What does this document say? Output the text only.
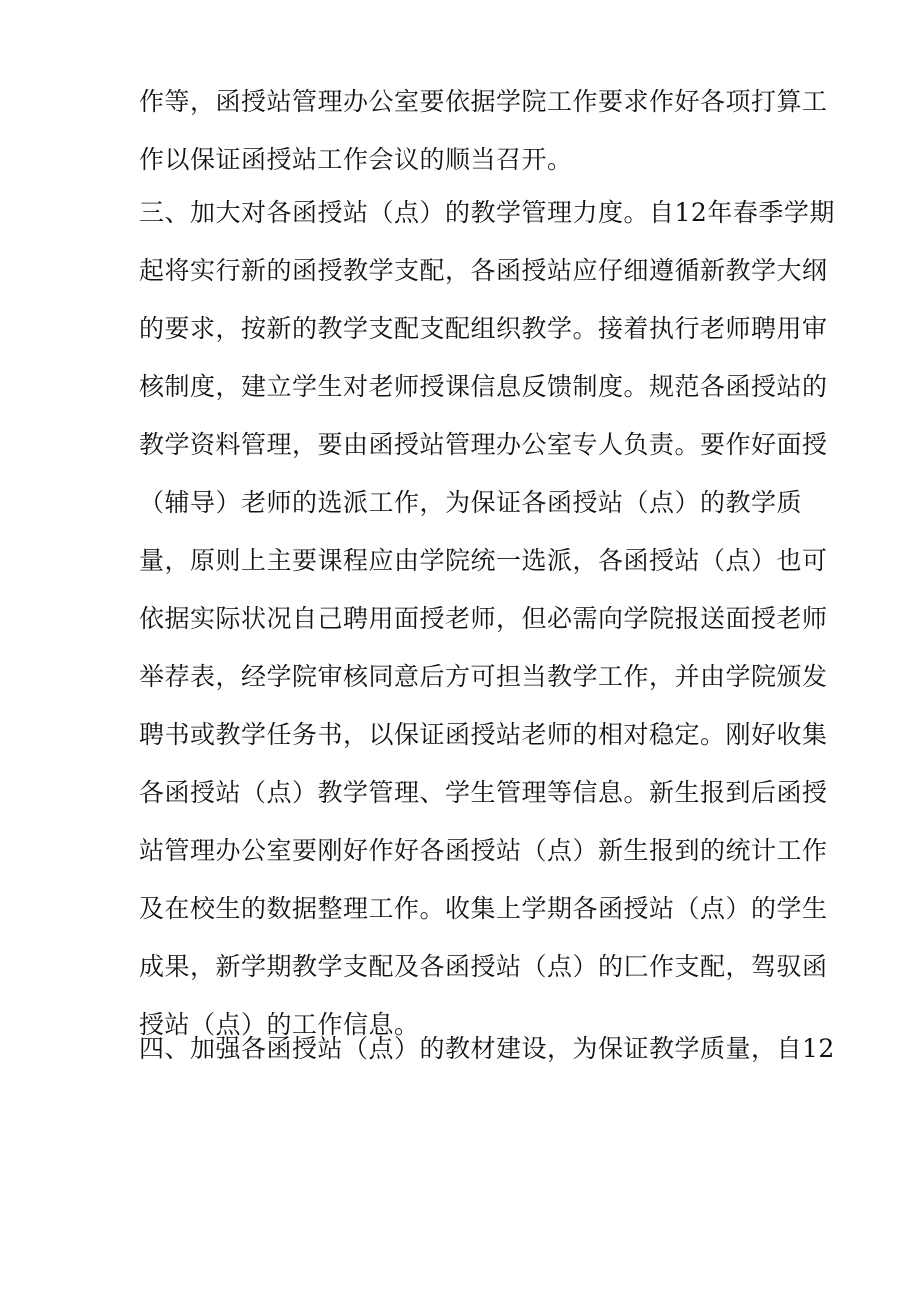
作等，函授站管理办公室要依据学院工作要求作好各项打算工
作以保证函授站工作会议的顺当召开。
三、加大对各函授站（点）的教学管理力度。自12年春季学期
起将实行新的函授教学支配，各函授站应仔细遵循新教学大纲
的要求，按新的教学支配支配组织教学。接着执行老师聘用审
核制度，建立学生对老师授课信息反馈制度。规范各函授站的
教学资料管理，要由函授站管理办公室专人负责。要作好面授
（辅导）老师的选派工作，为保证各函授站（点）的教学质
量，原则上主要课程应由学院统一选派，各函授站（点）也可
依据实际状况自己聘用面授老师，但必需向学院报送面授老师
举荐表，经学院审核同意后方可担当教学工作，并由学院颁发
聘书或教学任务书，以保证函授站老师的相对稳定。刚好收集
各函授站（点）教学管理、学生管理等信息。新生报到后函授
站管理办公室要刚好作好各函授站（点）新生报到的统计工作
及在校生的数据整理工作。收集上学期各函授站（点）的学生
成果，新学期教学支配及各函授站（点）的匚作支配，驾驭函
授站（点）的工作信息。
四、加强各函授站（点）的教材建设，为保证教学质量，自12
